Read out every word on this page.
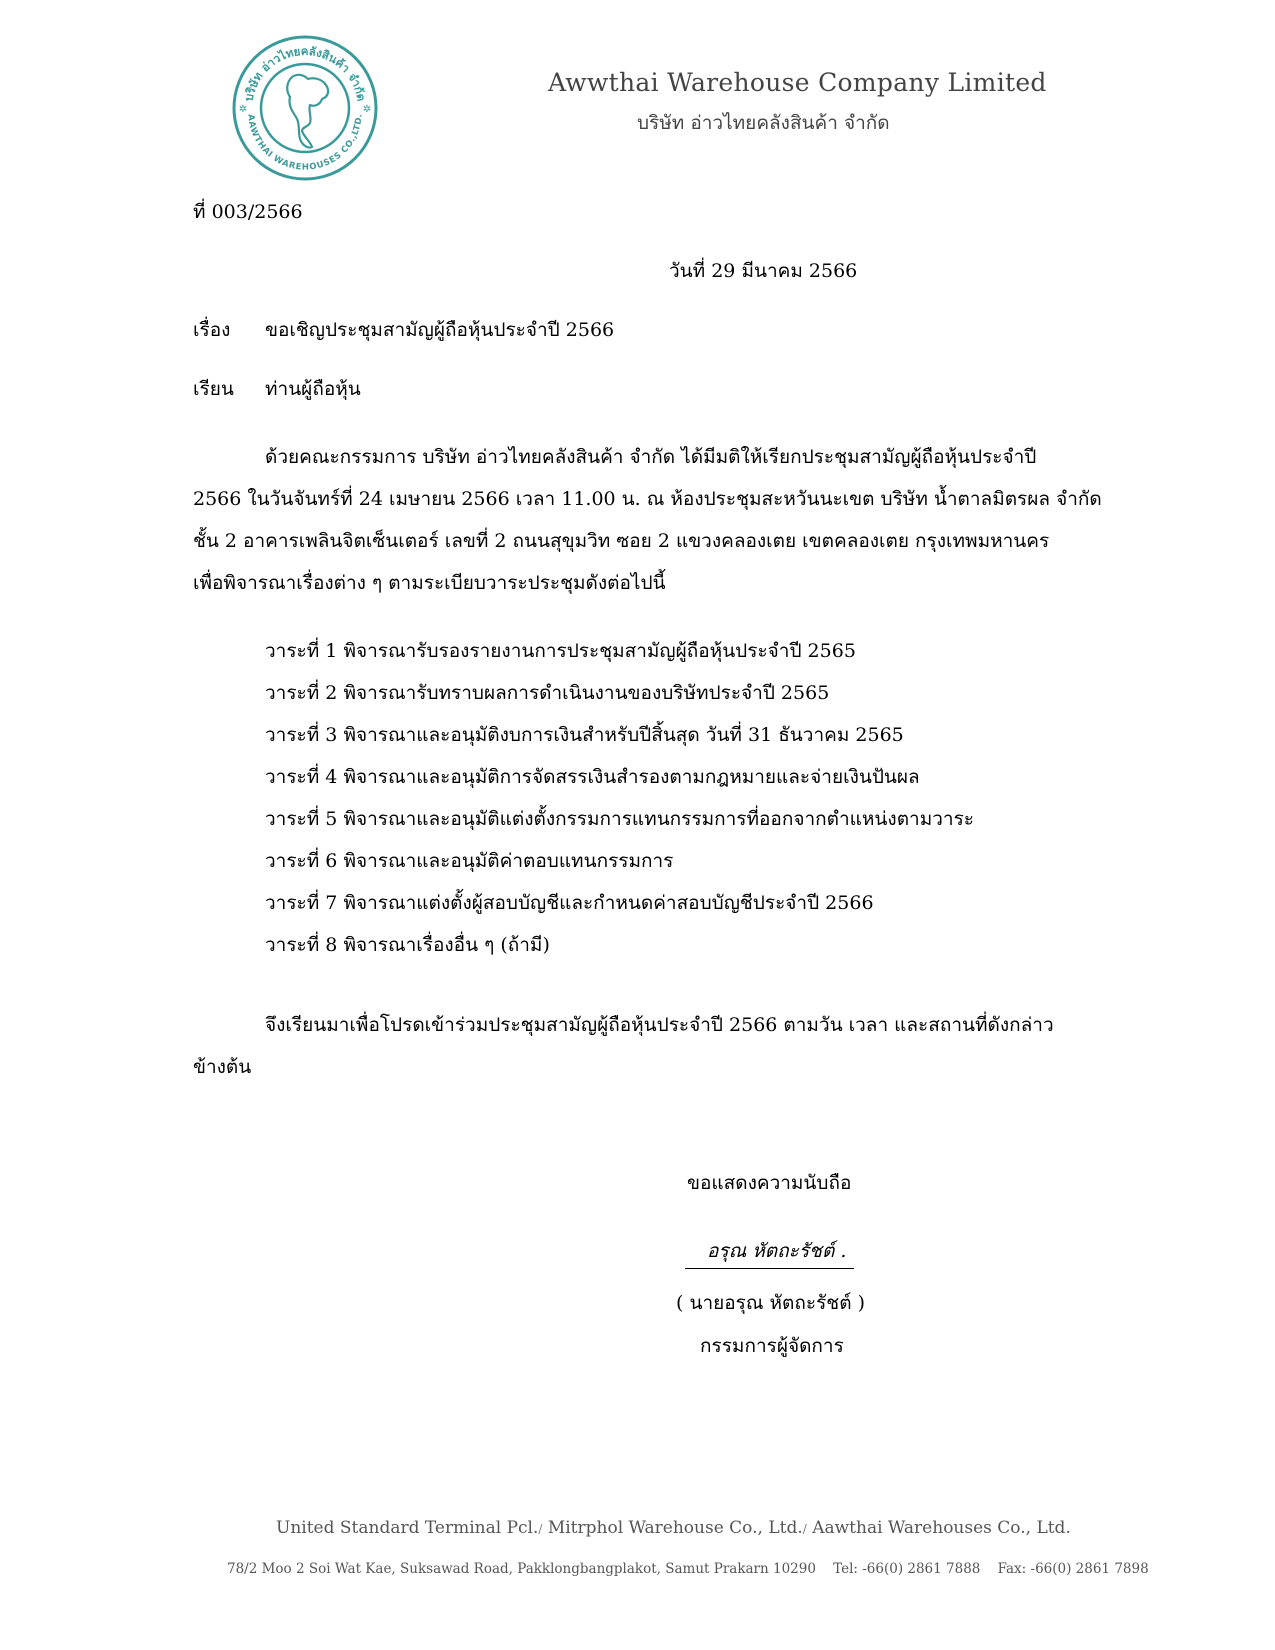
บริษัท อ่าวไทยคลังสินค้า จำกัด
AAWTHAI WAREHOUSES CO.,LTD.
✲	✲
Awwthai Warehouse Company Limited
บริษัท อ่าวไทยคลังสินค้า จำกัด
ที่ 003/2566
วันที่ 29 มีนาคม 2566
เรื่อง ขอเชิญประชุมสามัญผู้ถือหุ้นประจำปี 2566
เรียน ท่านผู้ถือหุ้น
ด้วยคณะกรรมการ บริษัท อ่าวไทยคลังสินค้า จำกัด ได้มีมติให้เรียกประชุมสามัญผู้ถือหุ้นประจำปี
2566 ในวันจันทร์ที่ 24 เมษายน 2566 เวลา 11.00 น. ณ ห้องประชุมสะหวันนะเขต บริษัท น้ำตาลมิตรผล จำกัด
ชั้น 2 อาคารเพลินจิตเซ็นเตอร์ เลขที่ 2 ถนนสุขุมวิท ซอย 2 แขวงคลองเตย เขตคลองเตย กรุงเทพมหานคร
เพื่อพิจารณาเรื่องต่าง ๆ ตามระเบียบวาระประชุมดังต่อไปนี้
วาระที่ 1 พิจารณารับรองรายงานการประชุมสามัญผู้ถือหุ้นประจำปี 2565
วาระที่ 2 พิจารณารับทราบผลการดำเนินงานของบริษัทประจำปี 2565
วาระที่ 3 พิจารณาและอนุมัติงบการเงินสำหรับปีสิ้นสุด วันที่ 31 ธันวาคม 2565
วาระที่ 4 พิจารณาและอนุมัติการจัดสรรเงินสำรองตามกฎหมายและจ่ายเงินปันผล
วาระที่ 5 พิจารณาและอนุมัติแต่งตั้งกรรมการแทนกรรมการที่ออกจากตำแหน่งตามวาระ
วาระที่ 6 พิจารณาและอนุมัติค่าตอบแทนกรรมการ
วาระที่ 7 พิจารณาแต่งตั้งผู้สอบบัญชีและกำหนดค่าสอบบัญชีประจำปี 2566
วาระที่ 8 พิจารณาเรื่องอื่น ๆ (ถ้ามี)
จึงเรียนมาเพื่อโปรดเข้าร่วมประชุมสามัญผู้ถือหุ้นประจำปี 2566 ตามวัน เวลา และสถานที่ดังกล่าว
ข้างต้น
ขอแสดงความนับถือ
อรุณ หัตถะรัชต์ .
( นายอรุณ หัตถะรัชต์ )
กรรมการผู้จัดการ
United Standard Terminal Pcl./ Mitrphol Warehouse Co., Ltd./ Aawthai Warehouses Co., Ltd.
78/2 Moo 2 Soi Wat Kae, Suksawad Road, Pakklongbangplakot, Samut Prakarn 10290 Tel: -66(0) 2861 7888 Fax: -66(0) 2861 7898
